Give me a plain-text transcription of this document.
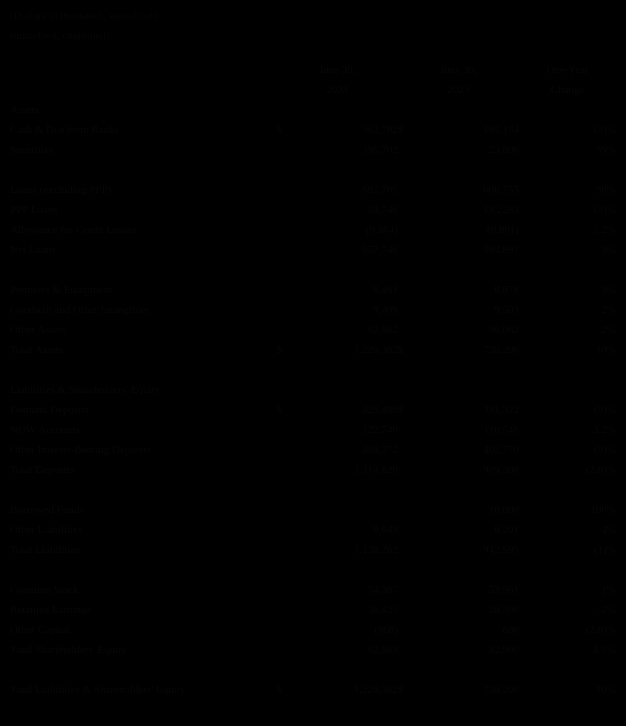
(Dollars in thousands, unaudited)
(unaudited, continued)
	June 30,		June 30,		One-Year
	2024		2023		Change
Assets					
Cash & Due from Banks	$	362,782	$	195,154	(3)%
Securities		396,702		23,806	39%

Loans (excluding PPP)		691,765		608,755	98%
PPP Loans		58,746		19,2283	(3)%
Allowance for Credit Losses		(9,364)		(8,881)	1.2%
Net Loans		657,746		594,897	9%

Premises & Equipment		8,461		8,878	9%
Goodwill and Other Intangibles		9,409		9,503	2%
Other Assets		92,082		96,082	2%
Total Assets	$	1,220,362	$	738,206	10%

Liabilities & Shareholders' Equity					
Demand Deposits	$	423,486	$	391,322	(9)%
NOW Accounts		122,740		110,546	3.2%
Other Interest-Bearing Deposits		468,372		402,770	(9)%
Total Deposits		1,114,628		909,308	(2.0)%

Borrowed Funds				10,000	100%
Other Liabilities		9,649		8,201	4%
Total Liabilities		1,138,262		942,595	(1)%

Common Stock		54,387		53,561	1%
Retained Earnings		36,425		28,396	-2%
Other Capital		(968)		686	(2.0)%
Total Shareholders' Equity		92,889		82,900	4.5%

Total Liabilities & Shareholders' Equity	$	1,220,362	$	738,206	10%
